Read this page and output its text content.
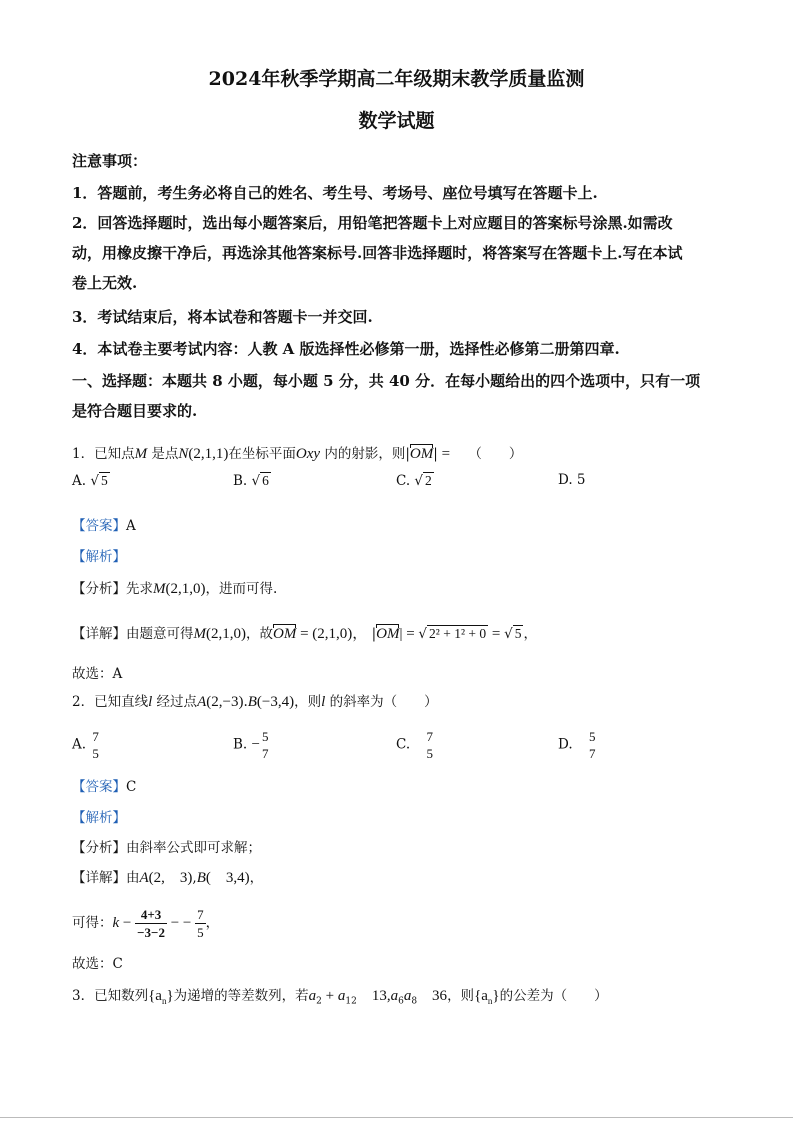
2024年秋季学期高二年级期末教学质量监测
数学试题
注意事项：
1．答题前，考生务必将自己的姓名、考生号、考场号、座位号填写在答题卡上.
2．回答选择题时，选出每小题答案后，用铅笔把答题卡上对应题目的答案标号涂黑.如需改
动，用橡皮擦干净后，再选涂其他答案标号.回答非选择题时，将答案写在答题卡上.写在本试
卷上无效.
3．考试结束后，将本试卷和答题卡一并交回.
4．本试卷主要考试内容：人教 A 版选择性必修第一册，选择性必修第二册第四章.
一、选择题：本题共 8 小题，每小题 5 分，共 40 分．在每小题给出的四个选项中，只有一项
是符合题目要求的.
1．已知点M 是点N(2,1,1)在坐标平面Oxy 内的射影，则|OM| = （　　）
A. √ 5	B. √ 6	C. √ 2	D. 5
【答案】A
【解析】
【分析】先求M(2,1,0)，进而可得.
【详解】由题意可得M(2,1,0)，故OM = (2,1,0)， |OM| = √ 2² + 1² + 0 = √ 5 ，
故选：A
2．已知直线l 经过点A(2,−3).B(−3,4)，则l 的斜率为（　　）
A. 7
5
B. − 5
7
C. 7
5
D. 5
7
【答案】C
【解析】
【分析】由斜率公式即可求解；
【详解】由A(2,　3),B(　3,4)，
可得：$k - \frac{4+3}{-3-2}$ − − $\frac{7}{5}$ ，
故选：C
3．已知数列$\{a_n\}$为递增的等差数列，若$a_2 + a_{12}$　$13,a_6a_8$　36，则$\{a_n\}$的公差为（　　）
